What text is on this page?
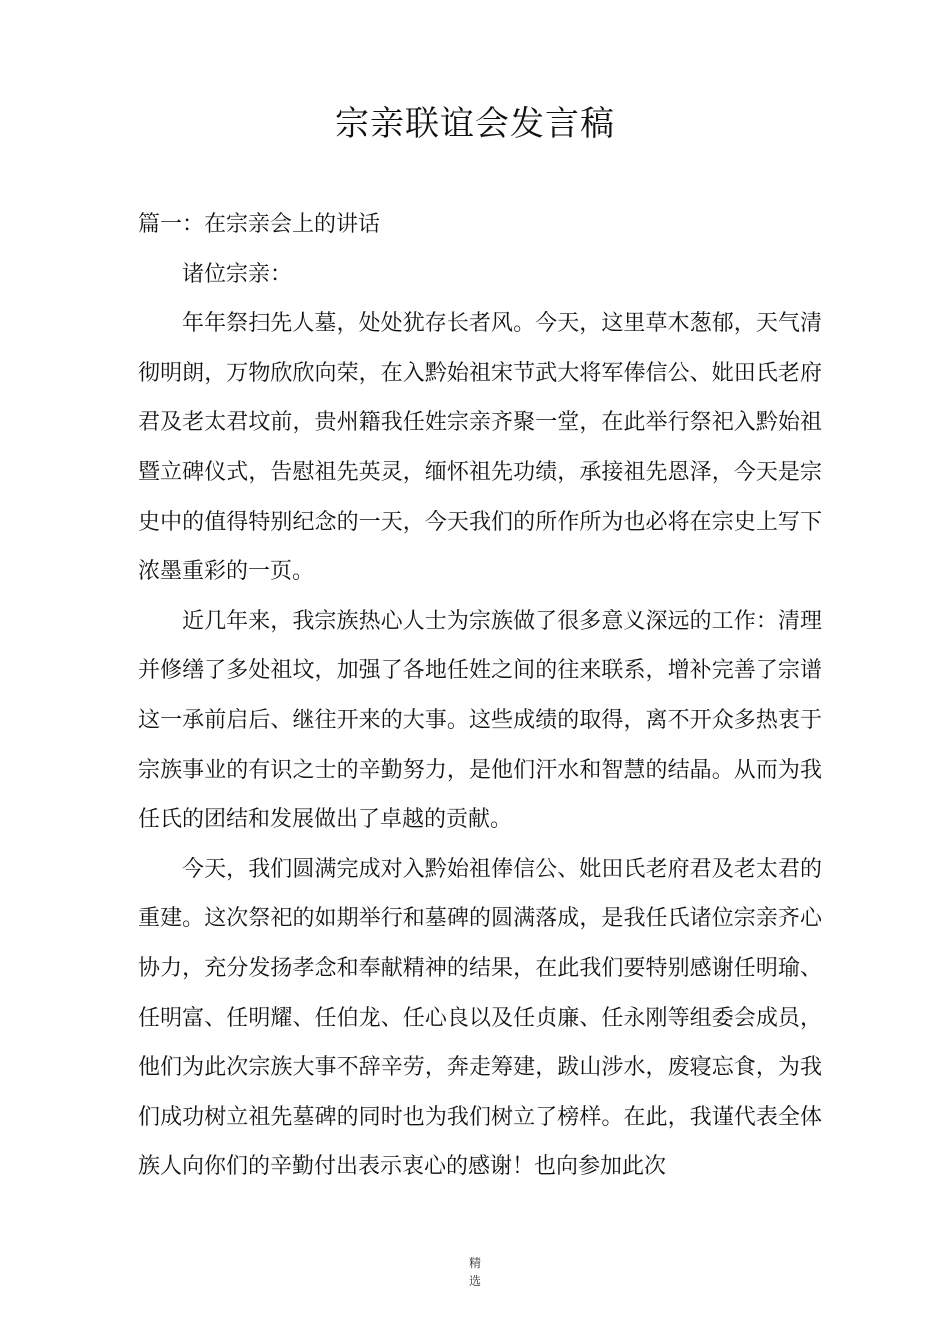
宗亲联谊会发言稿

篇一：在宗亲会上的讲话

诸位宗亲：

年年祭扫先人墓，处处犹存长者风。今天，这里草木葱郁，天气清彻明朗，万物欣欣向荣，在入黔始祖宋节武大将军俸信公、妣田氏老府君及老太君坟前，贵州籍我任姓宗亲齐聚一堂，在此举行祭祀入黔始祖暨立碑仪式，告慰祖先英灵，缅怀祖先功绩，承接祖先恩泽，今天是宗史中的值得特别纪念的一天，今天我们的所作所为也必将在宗史上写下浓墨重彩的一页。

近几年来，我宗族热心人士为宗族做了很多意义深远的工作：清理并修缮了多处祖坟，加强了各地任姓之间的往来联系，增补完善了宗谱这一承前启后、继往开来的大事。这些成绩的取得，离不开众多热衷于宗族事业的有识之士的辛勤努力，是他们汗水和智慧的结晶。从而为我任氏的团结和发展做出了卓越的贡献。

今天，我们圆满完成对入黔始祖俸信公、妣田氏老府君及老太君的重建。这次祭祀的如期举行和墓碑的圆满落成，是我任氏诸位宗亲齐心协力，充分发扬孝念和奉献精神的结果，在此我们要特别感谢任明瑜、任明富、任明耀、任伯龙、任心良以及任贞廉、任永刚等组委会成员，他们为此次宗族大事不辞辛劳，奔走筹建，跋山涉水，废寝忘食，为我们成功树立祖先墓碑的同时也为我们树立了榜样。在此，我谨代表全体族人向你们的辛勤付出表示衷心的感谢！也向参加此次

精
选
